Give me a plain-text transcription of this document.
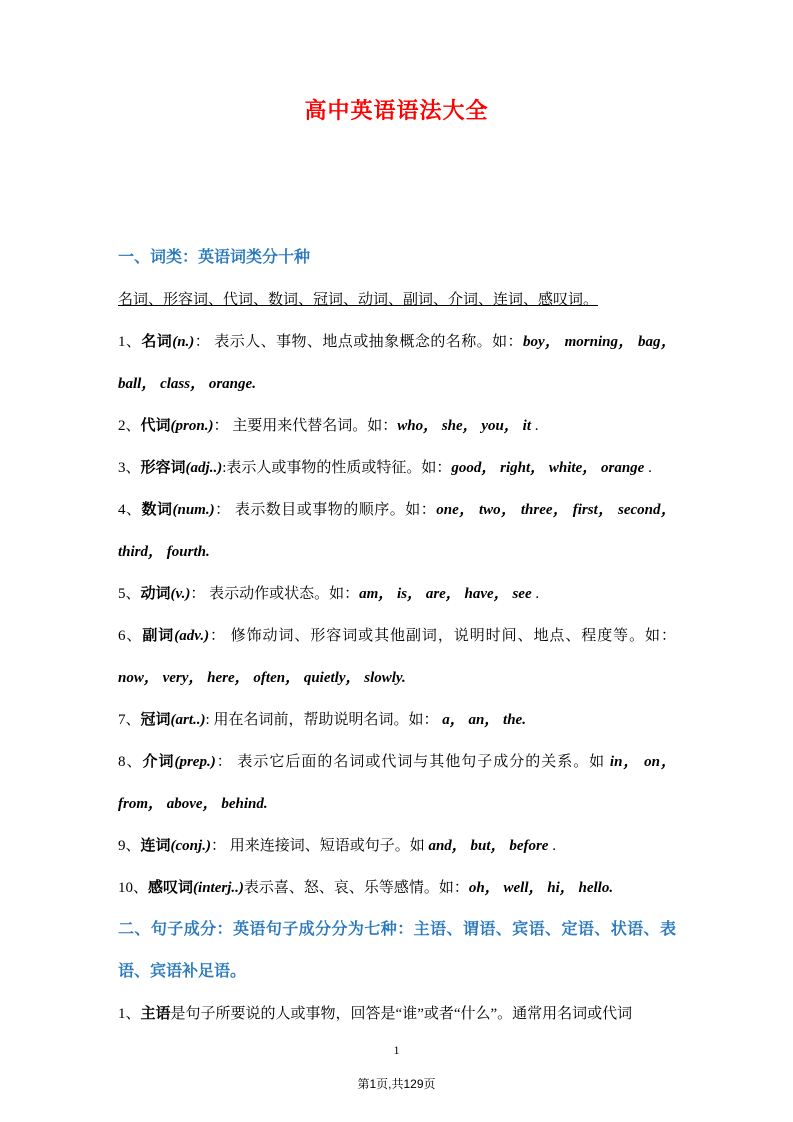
高中英语语法大全
一、词类：英语词类分十种

名词、形容词、代词、数词、冠词、动词、副词、介词、连词、感叹词。

1、名词(n.)： 表示人、事物、地点或抽象概念的名称。如：boy， morning， bag， ball， class， orange.

2、代词(pron.)： 主要用来代替名词。如：who， she， you， it .

3、形容词(adj..):表示人或事物的性质或特征。如：good， right， white， orange .

4、数词(num.)： 表示数目或事物的顺序。如：one， two， three， first， second， third， fourth.

5、动词(v.)： 表示动作或状态。如：am， is， are， have， see .

6、副词(adv.)： 修饰动词、形容词或其他副词，说明时间、地点、程度等。如：now， very， here， often， quietly， slowly.

7、冠词(art..): 用在名词前，帮助说明名词。如： a， an， the.

8、介词(prep.)： 表示它后面的名词或代词与其他句子成分的关系。如 in， on， from， above， behind.

9、连词(conj.)： 用来连接词、短语或句子。如 and， but， before .

10、感叹词(interj..)表示喜、怒、哀、乐等感情。如：oh， well， hi， hello.

二、句子成分：英语句子成分分为七种：主语、谓语、宾语、定语、状语、表语、宾语补足语。

1、主语是句子所要说的人或事物，回答是“谁”或者“什么”。通常用名词或代词

1
第1页,共129页
